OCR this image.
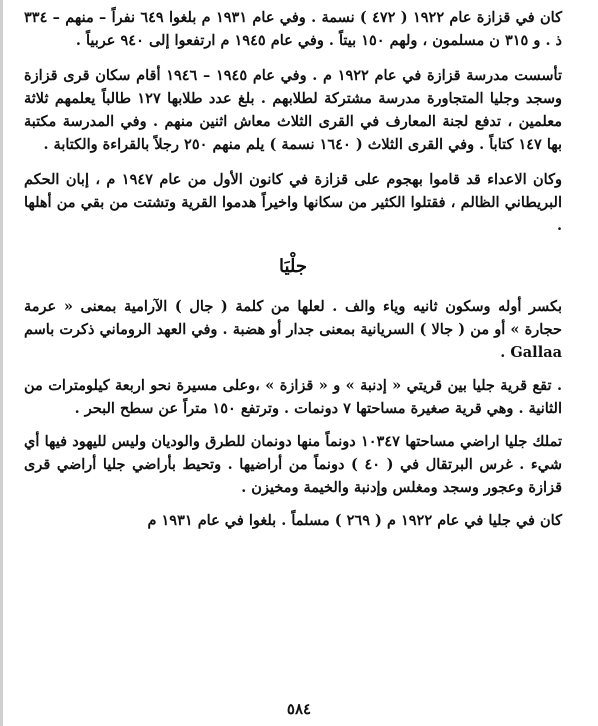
كان في قزازة عام ١٩٢٢ ( ٤٧٢ ) نسمة . وفي عام ١٩٣١ م بلغوا ٦٤٩ نفراً – منهم – ٣٣٤ ذ . و ٣١٥ ن مسلمون ، ولهم ١٥٠ بيتاً . وفي عام ١٩٤٥ م ارتفعوا إلى ٩٤٠ عربياً .

تأسست مدرسة قزازة في عام ١٩٢٢ م . وفي عام ١٩٤٥ – ١٩٤٦ أقام سكان قرى قزازة وسجد وجليا المتجاورة مدرسة مشتركة لطلابهم . بلغ عدد طلابها ١٢٧ طالباً يعلمهم ثلاثة معلمين ، تدفع لجنة المعارف في القرى الثلاث معاش اثنين منهم . وفي المدرسة مكتبة بها ١٤٧ كتاباً . وفي القرى الثلاث ( ١٦٤٠ نسمة ) يلم منهم ٢٥٠ رجلاً بالقراءة والكتابة .

وكان الاعداء قد قاموا بهجوم على قزازة في كانون الأول من عام ١٩٤٧ م ، إبان الحكم البريطاني الظالم ، فقتلوا الكثير من سكانها واخيراً هدموا القرية وتشتت من بقي من أهلها .

جلْيَا

بكسر أوله وسكون ثانيه وياء والف . لعلها من كلمة ( جال ) الآرامية بمعنى « عرمة حجارة » أو من ( جالا ) السريانية بمعنى جدار أو هضبة . وفي العهد الروماني ذكرت باسم Gallaa .

. تقع قرية جليا بين قريتي « إدنبة » و « قزازة » ،وعلى مسيرة نحو اربعة كيلومترات من الثانية . وهي قرية صغيرة مساحتها ٧ دونمات . وترتفع ١٥٠ متراً عن سطح البحر .

تملك جليا اراضي مساحتها ١٠٣٤٧ دونماً منها دونمان للطرق والوديان وليس لليهود فيها أي شيء . غرس البرتقال في ( ٤٠ ) دونماً من أراضيها . وتحيط بأراضي جليا أراضي قرى قزازة وعجور وسجد ومغلس وإدنبة والخيمة ومخيزن .

كان في جليا في عام ١٩٢٢ م ( ٢٦٩ ) مسلماً . بلغوا في عام ١٩٣١ م

٥٨٤
